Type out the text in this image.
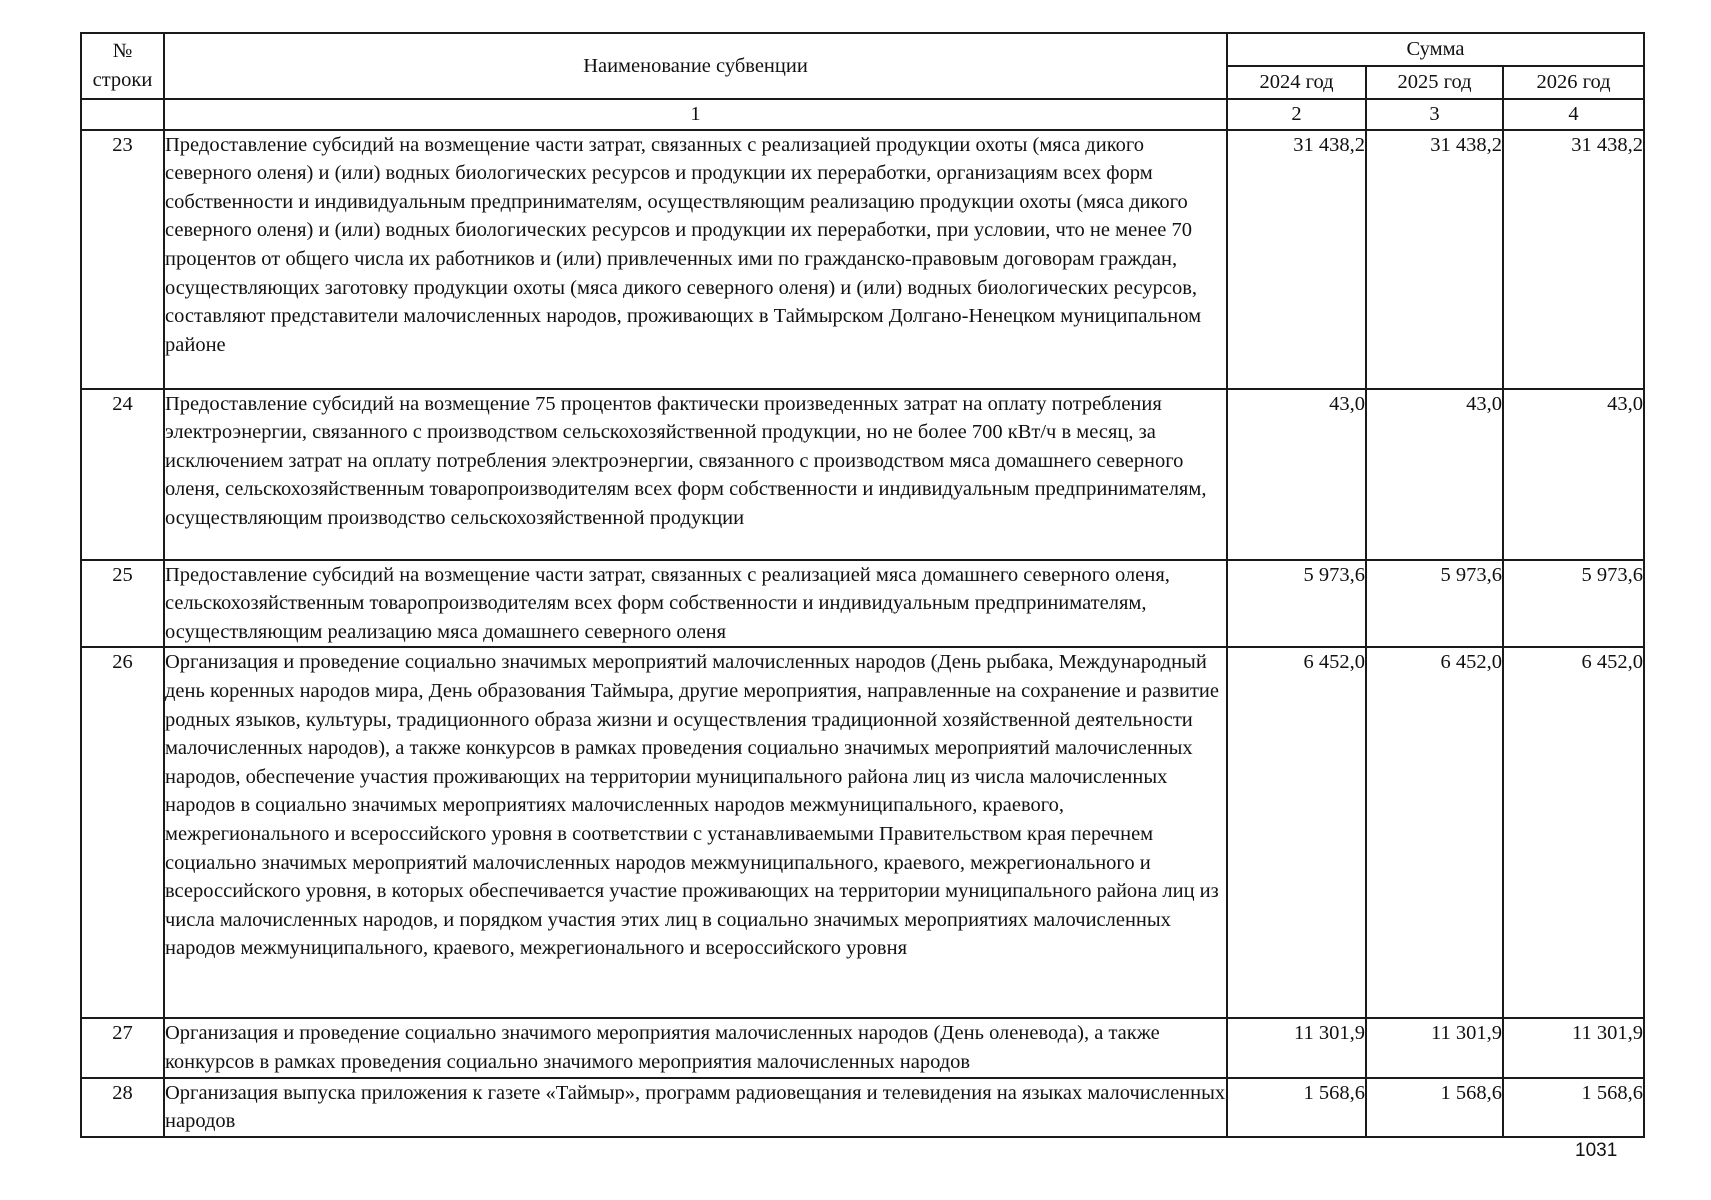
№
строки	Наименование субвенции	Сумма		
		2024 год	2025 год	2026 год
	1	2	3	4
23	Предоставление субсидий на возмещение части затрат, связанных с реализацией продукции охоты (мяса дикого северного оленя) и (или) водных биологических ресурсов и продукции их переработки, организациям всех форм собственности и индивидуальным предпринимателям, осуществляющим реализацию продукции охоты (мяса дикого северного оленя) и (или) водных биологических ресурсов и продукции их переработки, при условии, что не менее 70 процентов от общего числа их работников и (или) привлеченных ими по гражданско-правовым договорам граждан, осуществляющих заготовку продукции охоты (мяса дикого северного оленя) и (или) водных биологических ресурсов, составляют представители малочисленных народов, проживающих в Таймырском Долгано-Ненецком муниципальном районе	31 438,2	31 438,2	31 438,2
24	Предоставление субсидий на возмещение 75 процентов фактически произведенных затрат на оплату потребления электроэнергии, связанного с производством сельскохозяйственной продукции, но не более 700 кВт/ч в месяц, за исключением затрат на оплату потребления электроэнергии, связанного с производством мяса домашнего северного оленя, сельскохозяйственным товаропроизводителям всех форм собственности и индивидуальным предпринимателям, осуществляющим производство сельскохозяйственной продукции	43,0	43,0	43,0
25	Предоставление субсидий на возмещение части затрат, связанных с реализацией мяса домашнего северного оленя, сельскохозяйственным товаропроизводителям всех форм собственности и индивидуальным предпринимателям, осуществляющим реализацию мяса домашнего северного оленя	5 973,6	5 973,6	5 973,6
26	Организация и проведение социально значимых мероприятий малочисленных народов (День рыбака, Международный день коренных народов мира, День образования Таймыра, другие мероприятия, направленные на сохранение и развитие родных языков, культуры, традиционного образа жизни и осуществления традиционной хозяйственной деятельности малочисленных народов), а также конкурсов в рамках проведения социально значимых мероприятий малочисленных народов, обеспечение участия проживающих на территории муниципального района лиц из числа малочисленных народов в социально значимых мероприятиях малочисленных народов межмуниципального, краевого, межрегионального и всероссийского уровня в соответствии с устанавливаемыми Правительством края перечнем социально значимых мероприятий малочисленных народов межмуниципального, краевого, межрегионального и всероссийского уровня, в которых обеспечивается участие проживающих на территории муниципального района лиц из числа малочисленных народов, и порядком участия этих лиц в социально значимых мероприятиях малочисленных народов межмуниципального, краевого, межрегионального и всероссийского уровня	6 452,0	6 452,0	6 452,0
27	Организация и проведение социально значимого мероприятия малочисленных народов (День оленевода), а также конкурсов в рамках проведения социально значимого мероприятия малочисленных народов	11 301,9	11 301,9	11 301,9
28	Организация выпуска приложения к газете «Таймыр», программ радиовещания и телевидения на языках малочисленных народов	1 568,6	1 568,6	1 568,6
1031
